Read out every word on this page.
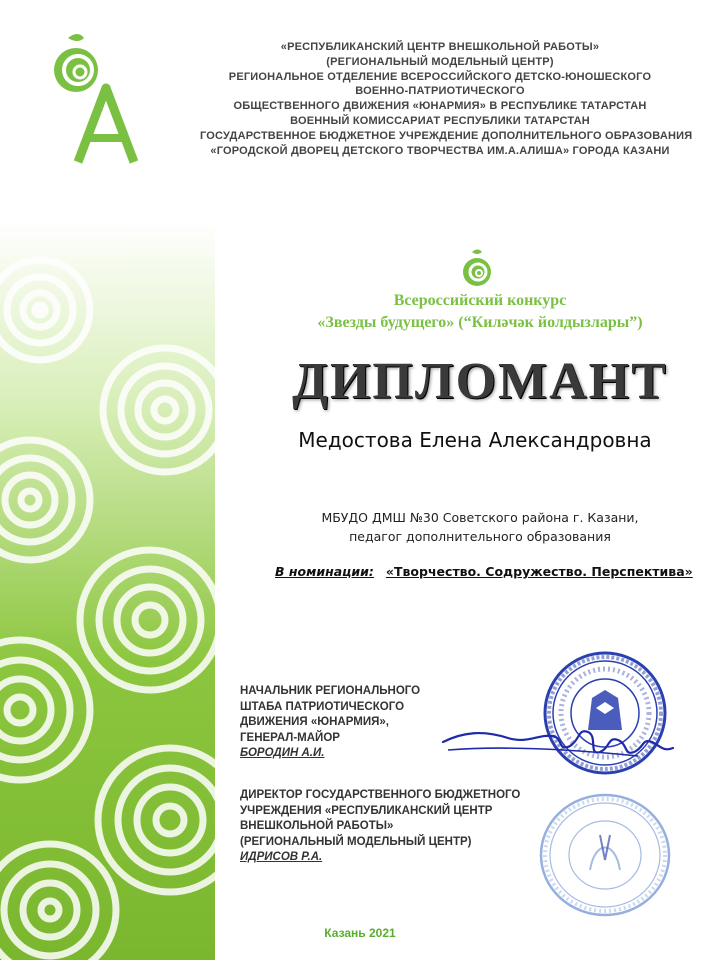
«РЕСПУБЛИКАНСКИЙ ЦЕНТР ВНЕШКОЛЬНОЙ РАБОТЫ»
(РЕГИОНАЛЬНЫЙ МОДЕЛЬНЫЙ ЦЕНТР)
РЕГИОНАЛЬНОЕ ОТДЕЛЕНИЕ ВСЕРОССИЙСКОГО ДЕТСКО-ЮНОШЕСКОГО
ВОЕННО-ПАТРИОТИЧЕСКОГО
ОБЩЕСТВЕННОГО ДВИЖЕНИЯ «ЮНАРМИЯ» В РЕСПУБЛИКЕ ТАТАРСТАН
ВОЕННЫЙ КОМИССАРИАТ РЕСПУБЛИКИ ТАТАРСТАН
ГОСУДАРСТВЕННОЕ БЮДЖЕТНОЕ УЧРЕЖДЕНИЕ ДОПОЛНИТЕЛЬНОГО ОБРАЗОВАНИЯ
«ГОРОДСКОЙ ДВОРЕЦ ДЕТСКОГО ТВОРЧЕСТВА ИМ.А.АЛИША» ГОРОДА КАЗАНИ
Всероссийский конкурс
«Звезды будущего» (“Киләчәк йолдызлары”)
ДИПЛОМАНТ
Медостова Елена Александровна
МБУДО ДМШ №30 Советского района г. Казани,
педагог дополнительного образования
В номинации: «Творчество. Содружество. Перспектива»
НАЧАЛЬНИК РЕГИОНАЛЬНОГО
ШТАБА ПАТРИОТИЧЕСКОГО
ДВИЖЕНИЯ «ЮНАРМИЯ»,
ГЕНЕРАЛ-МАЙОР
БОРОДИН А.И.
ДИРЕКТОР ГОСУДАРСТВЕННОГО БЮДЖЕТНОГО
УЧРЕЖДЕНИЯ «РЕСПУБЛИКАНСКИЙ ЦЕНТР
ВНЕШКОЛЬНОЙ РАБОТЫ»
(РЕГИОНАЛЬНЫЙ МОДЕЛЬНЫЙ ЦЕНТР)
ИДРИСОВ Р.А.
Казань 2021
